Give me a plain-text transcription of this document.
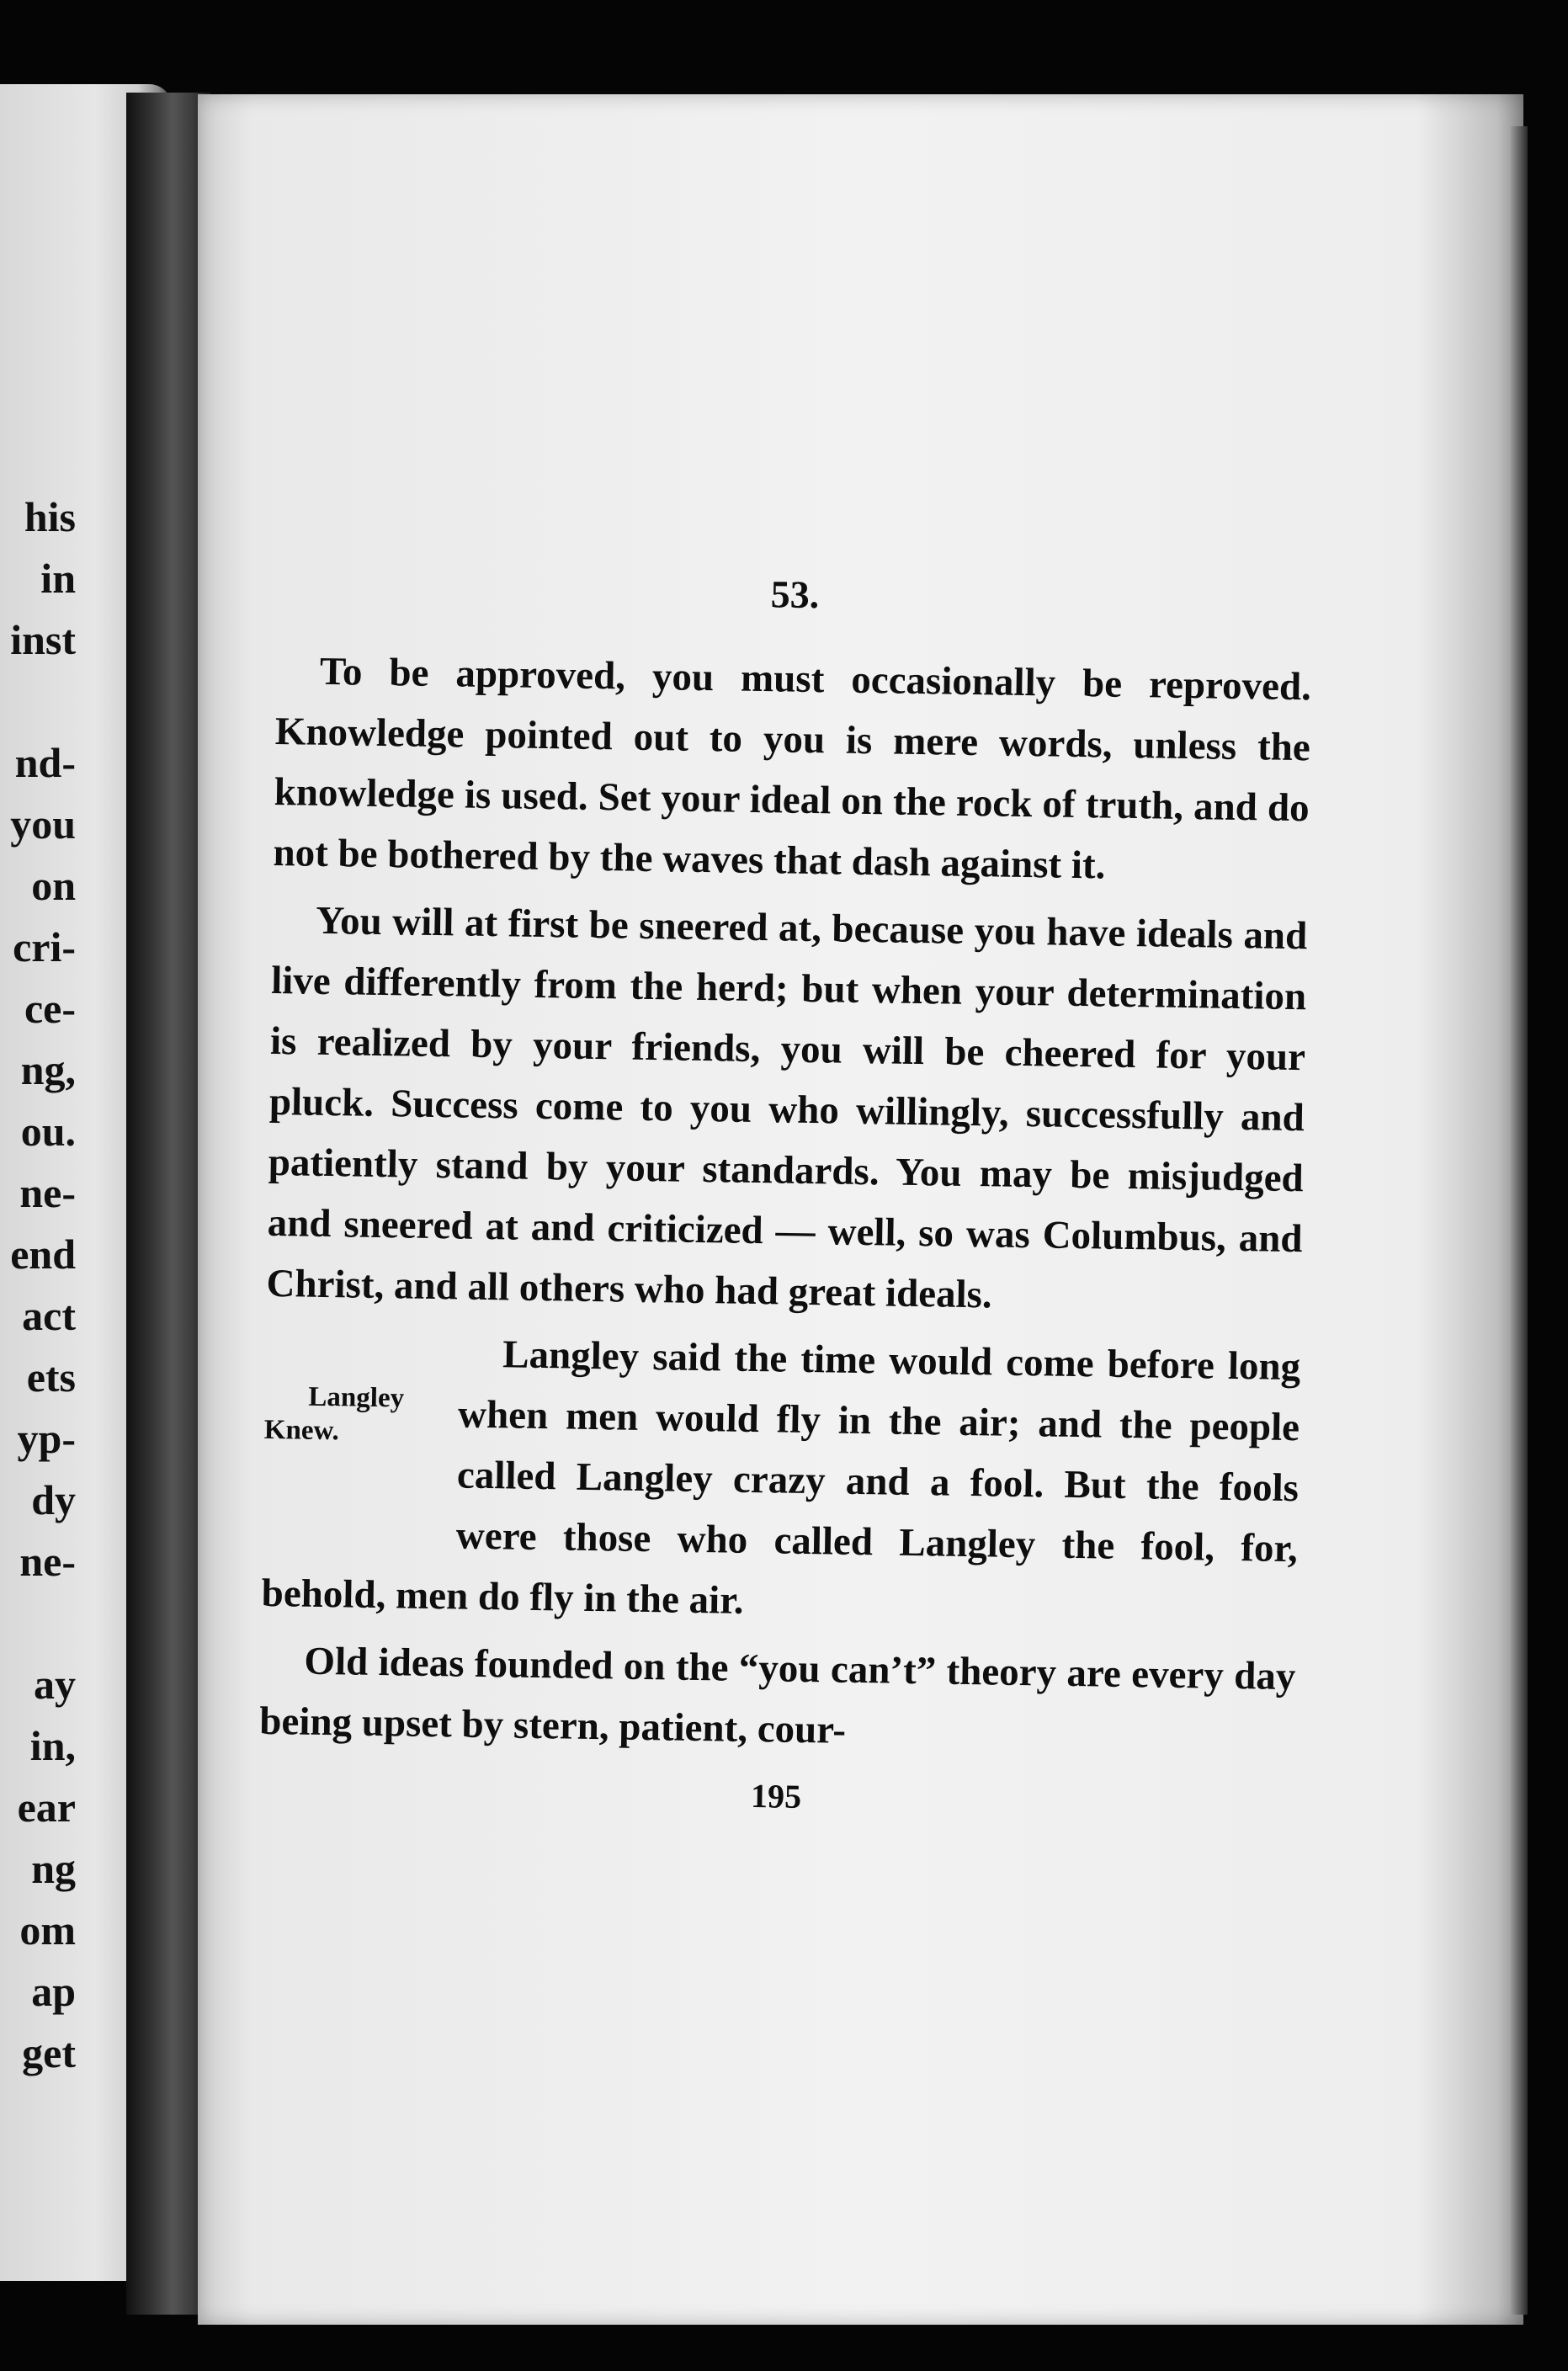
his
in
inst
nd-
you
on
cri-
ce-
ng,
ou.
ne-
end
act
ets
yp-
dy
ne-
ay
in,
ear
ng
om
ap
get
53.

To be approved, you must occasionally be reproved. Knowledge pointed out to you is mere words, unless the knowledge is used. Set your ideal on the rock of truth, and do not be bothered by the waves that dash against it.

You will at first be sneered at, because you have ideals and live differently from the herd; but when your determination is realized by your friends, you will be cheered for your pluck. Success come to you who willingly, successfully and patiently stand by your standards. You may be misjudged and sneered at and criticized — well, so was Columbus, and Christ, and all others who had great ideals.

Langley Knew.
Langley said the time would come before long when men would fly in the air; and the people called Langley crazy and a fool. But the fools were those who called Langley the fool, for, behold, men do fly in the air.

Old ideas founded on the “you can’t” theory are every day being upset by stern, patient, cour-

195
